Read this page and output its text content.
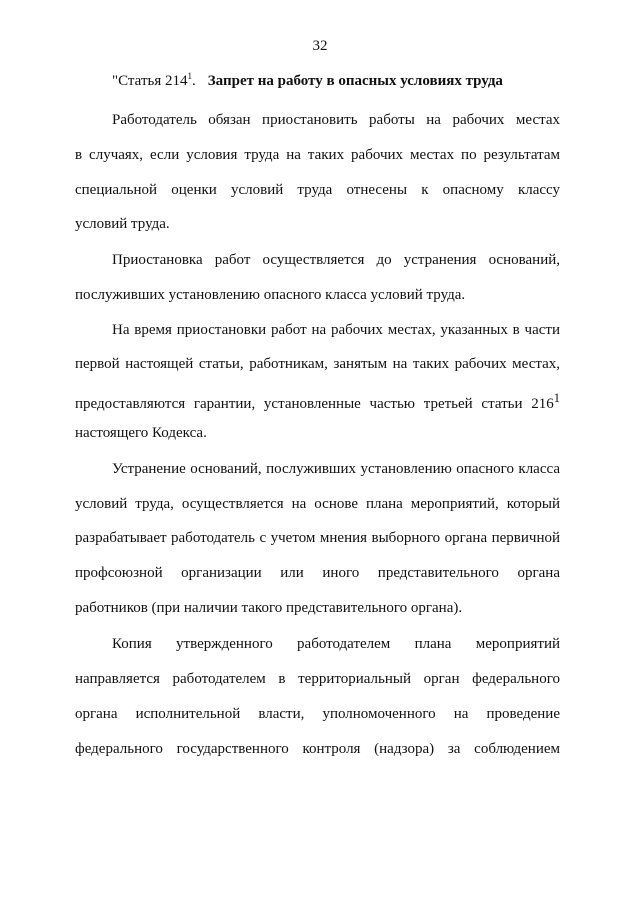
32
"Статья $214^1$. Запрет на работу в опасных условиях труда
Работодатель обязан приостановить работы на рабочих местах
в случаях, если условия труда на таких рабочих местах по результатам
специальной оценки условий труда отнесены к опасному классу
условий труда.
Приостановка работ осуществляется до устранения оснований,
послуживших установлению опасного класса условий труда.
На время приостановки работ на рабочих местах, указанных в части
первой настоящей статьи, работникам, занятым на таких рабочих местах,
предоставляются гарантии, установленные частью третьей статьи $216^1$
настоящего Кодекса.
Устранение оснований, послуживших установлению опасного класса
условий труда, осуществляется на основе плана мероприятий, который
разрабатывает работодатель с учетом мнения выборного органа первичной
профсоюзной организации или иного представительного органа
работников (при наличии такого представительного органа).
Копия утвержденного работодателем плана мероприятий
направляется работодателем в территориальный орган федерального
органа исполнительной власти, уполномоченного на проведение
федерального государственного контроля (надзора) за соблюдением
